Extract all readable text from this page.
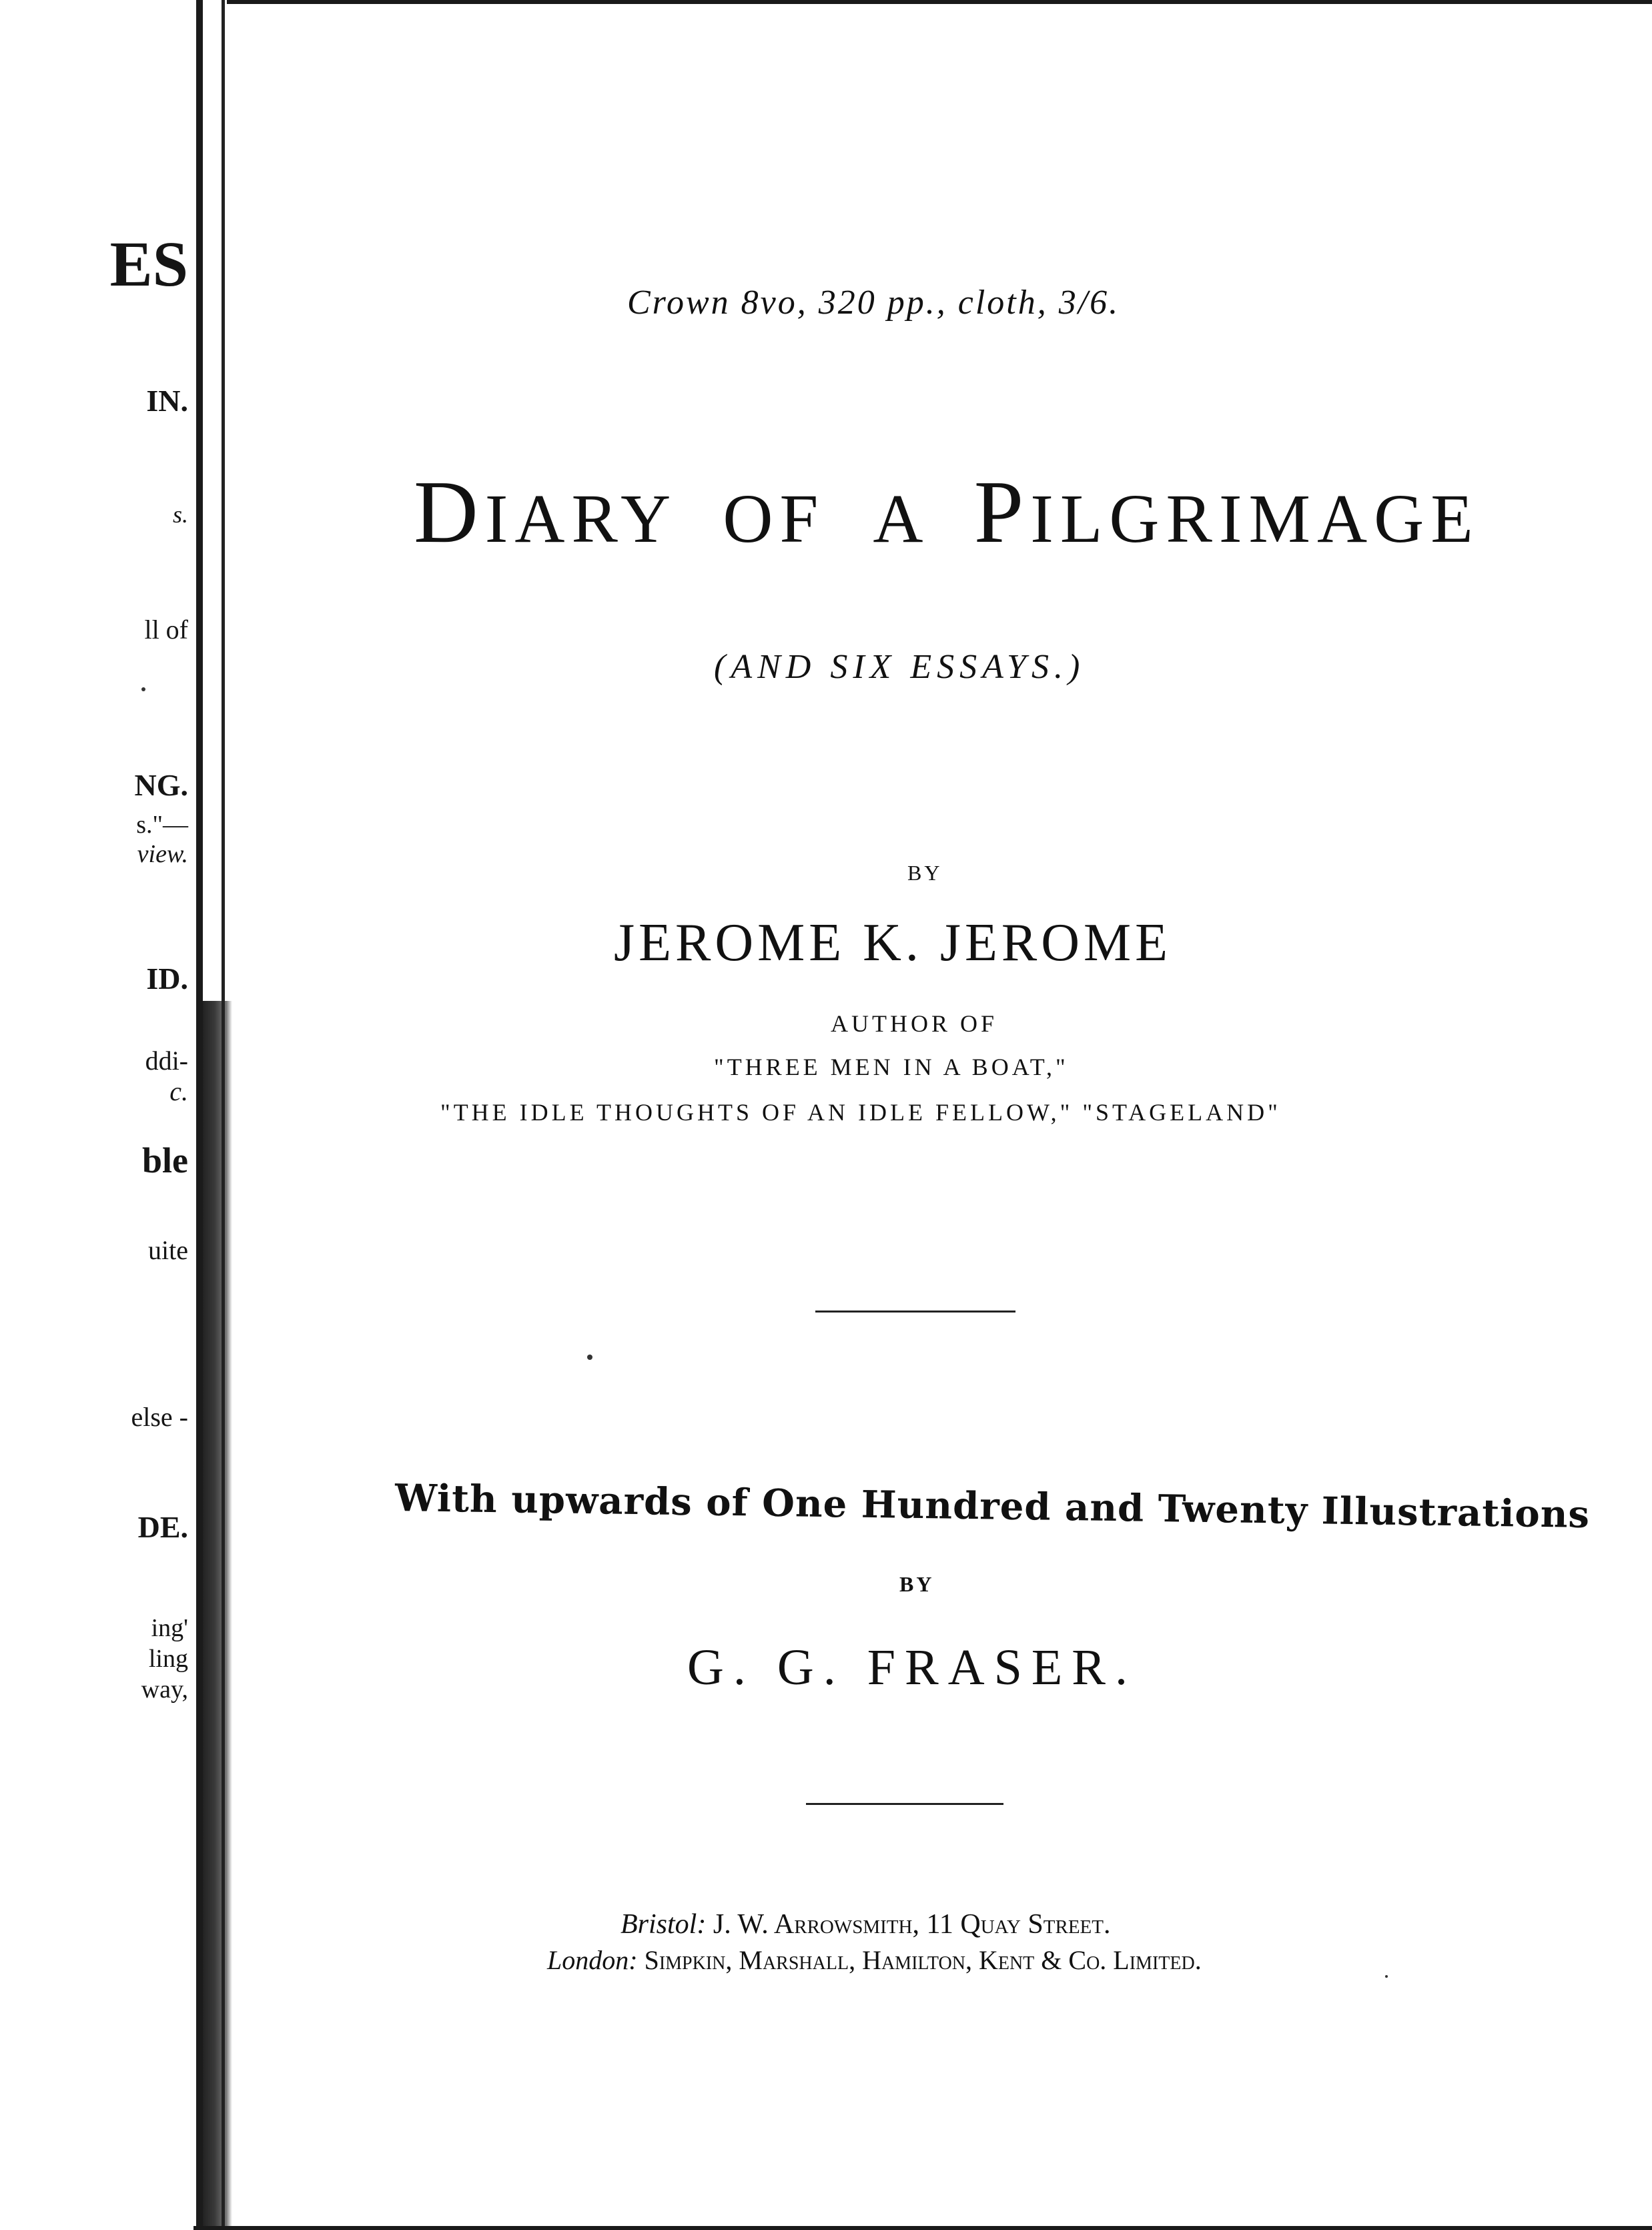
ES
IN.
s.
ll of
NG.
s."—
view.
ID.
ddi-
c.
ble
uite
else -
DE.
ing'
ling
way,
Crown 8vo, 320 pp., cloth, 3/6.
DIARY OF A PILGRIMAGE
(AND SIX ESSAYS.)
BY
JEROME K. JEROME
AUTHOR OF
"THREE MEN IN A BOAT,"
"THE IDLE THOUGHTS OF AN IDLE FELLOW," "STAGELAND"
With upwards of One Hundred and Twenty Illustrations
BY
G. G. FRASER.
Bristol: J. W. Arrowsmith, 11 Quay Street.
London: Simpkin, Marshall, Hamilton, Kent & Co. Limited.
